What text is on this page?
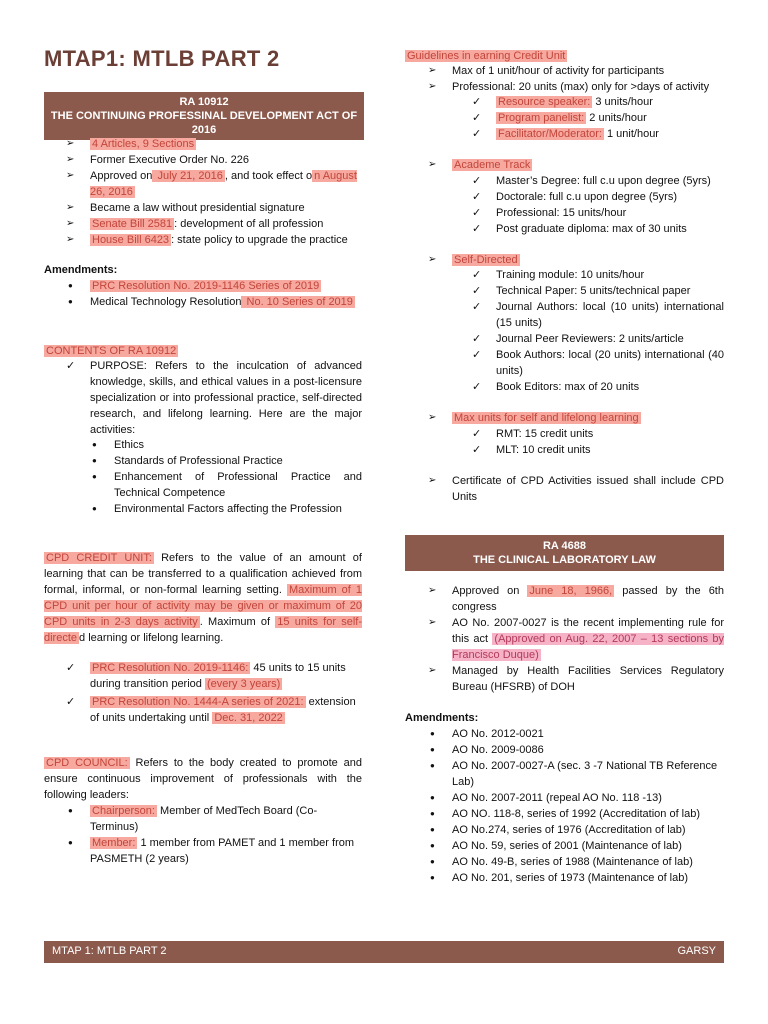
MTAP1: MTLB PART 2
RA 10912
THE CONTINUING PROFESSINAL DEVELOPMENT ACT OF 2016
➢ 4 Articles, 9 Sections
➢ Former Executive Order No. 226
➢ Approved on July 21, 2016 , and took effect o n August 26, 2016
➢ Became a law without presidential signature
➢ Senate Bill 2581 : development of all profession
➢ House Bill 6423 : state policy to upgrade the practice
Amendments:
● PRC Resolution No. 2019-1146 Series of 2019
● Medical Technology Resolution No. 10 Series of 2019
CONTENTS OF RA 10912
✓ PURPOSE: Refers to the inculcation of advanced knowledge, skills, and ethical values in a post-licensure specialization or into professional practice, self-directed research, and lifelong learning. Here are the major activities:
● Ethics
● Standards of Professional Practice
● Enhancement of Professional Practice and Technical Competence
● Environmental Factors affecting the Profession
CPD CREDIT UNIT: Refers to the value of an amount of learning that can be transferred to a qualification achieved from formal, informal, or non-formal learning setting. Maximum of 1 CPD unit per hour of activity may be given or maximum of 20 CPD units in 2-3 days activity . Maximum of 15 units for self-directe d learning or lifelong learning.
✓ PRC Resolution No. 2019-1146: 45 units to 15 units during transition period (every 3 years)
✓ PRC Resolution No. 1444-A series of 2021: extension of units undertaking until Dec. 31, 2022
CPD COUNCIL: Refers to the body created to promote and ensure continuous improvement of professionals with the following leaders:
● Chairperson: Member of MedTech Board (Co-Terminus)
● Member: 1 member from PAMET and 1 member from PASMETH (2 years)
Guidelines in earning Credit Unit
➢ Max of 1 unit/hour of activity for participants
➢ Professional: 20 units (max) only for >days of activity
✓ Resource speaker: 3 units/hour
✓ Program panelist: 2 units/hour
✓ Facilitator/Moderator: 1 unit/hour
➢ Academe Track
✓ Master’s Degree: full c.u upon degree (5yrs)
✓ Doctorale: full c.u upon degree (5yrs)
✓ Professional: 15 units/hour
✓ Post graduate diploma: max of 30 units
➢ Self-Directed
✓ Training module: 10 units/hour
✓ Technical Paper: 5 units/technical paper
✓ Journal Authors: local (10 units) international (15 units)
✓ Journal Peer Reviewers: 2 units/article
✓ Book Authors: local (20 units) international (40 units)
✓ Book Editors: max of 20 units
➢ Max units for self and lifelong learning
✓ RMT: 15 credit units
✓ MLT: 10 credit units
➢ Certificate of CPD Activities issued shall include CPD Units
RA 4688
THE CLINICAL LABORATORY LAW
➢ Approved on June 18, 1966, passed by the 6th congress
➢ AO No. 2007-0027 is the recent implementing rule for this act (Approved on Aug. 22, 2007 – 13 sections by Francisco Duque)
➢ Managed by Health Facilities Services Regulatory Bureau (HFSRB) of DOH
Amendments:
● AO No. 2012-0021
● AO No. 2009-0086
● AO No. 2007-0027-A (sec. 3 -7 National TB Reference Lab)
● AO No. 2007-2011 (repeal AO No. 118 -13)
● AO NO. 118-8, series of 1992 (Accreditation of lab)
● AO No.274, series of 1976 (Accreditation of lab)
● AO No. 59, series of 2001 (Maintenance of lab)
● AO No. 49-B, series of 1988 (Maintenance of lab)
● AO No. 201, series of 1973 (Maintenance of lab)
MTAP 1: MTLB PART 2	GARSY
